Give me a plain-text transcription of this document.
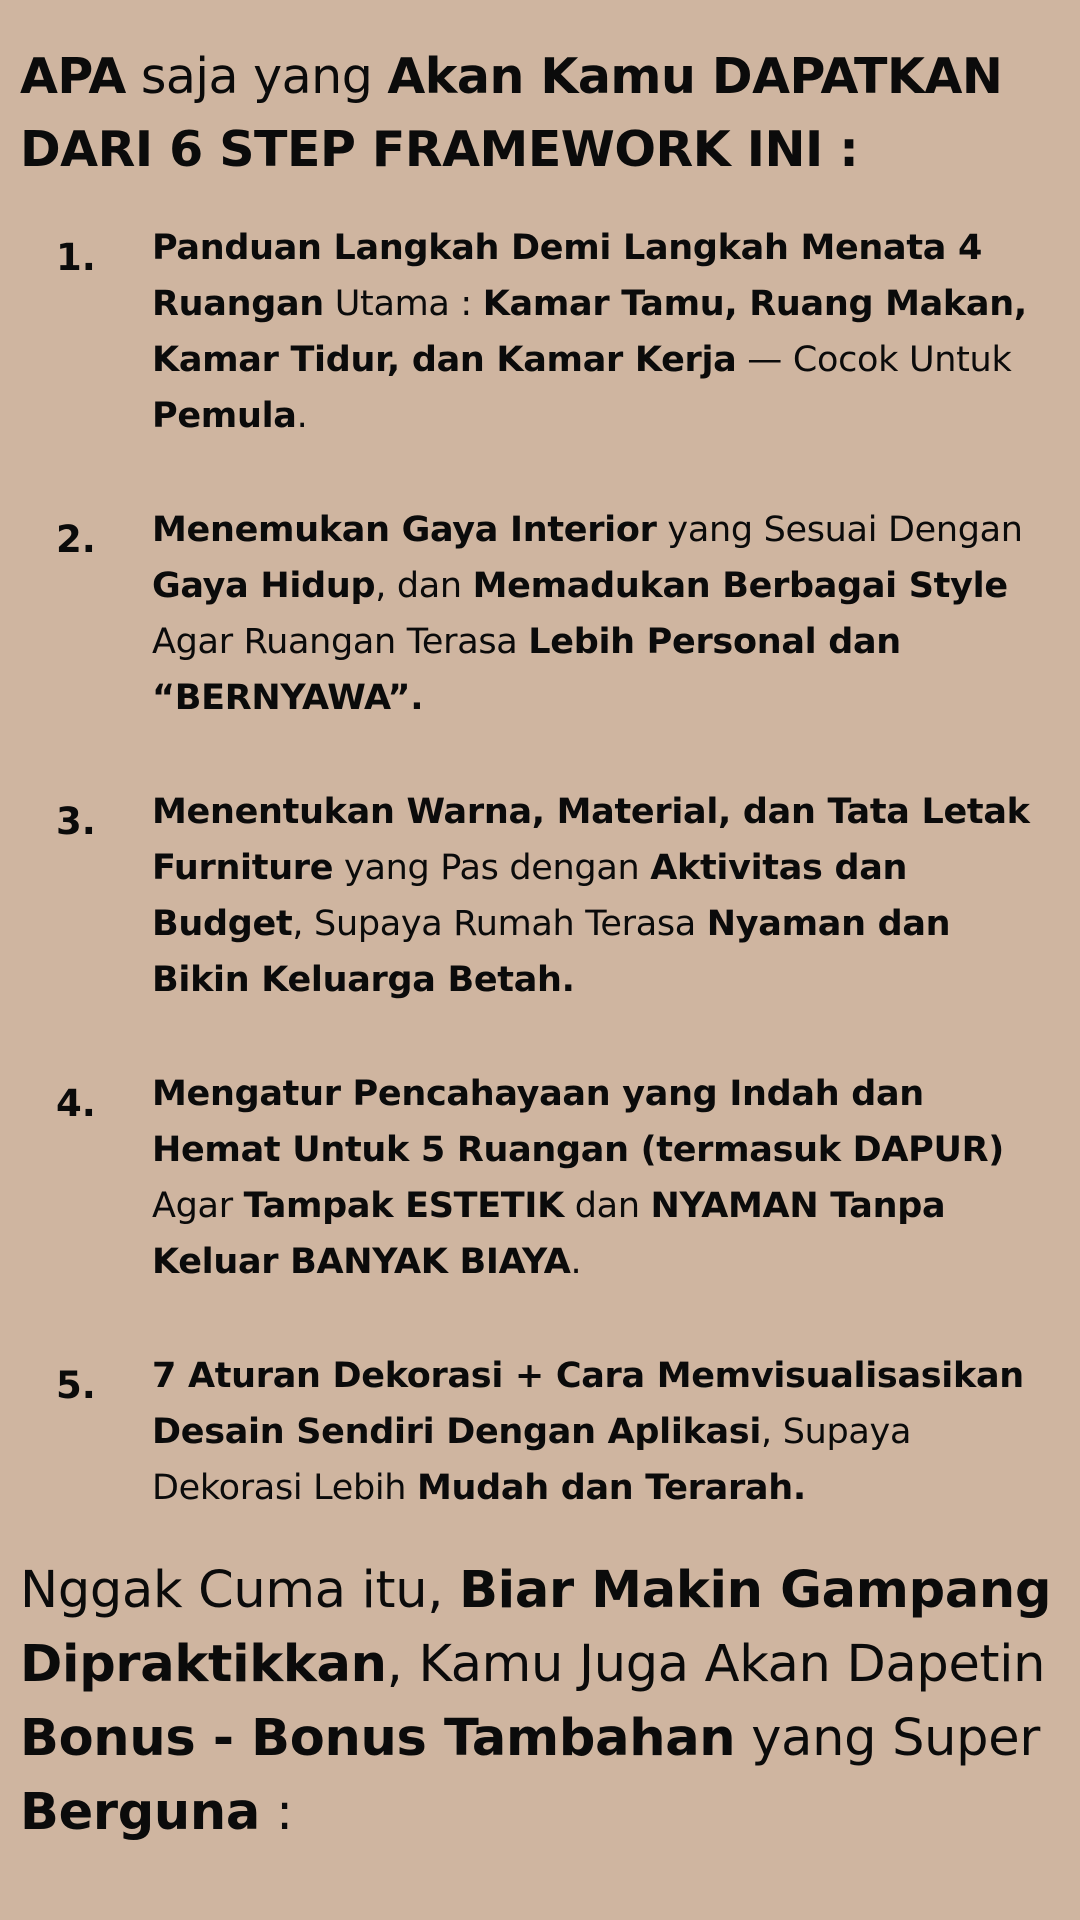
APA saja yang Akan Kamu DAPATKAN DARI 6 STEP FRAMEWORK INI :
1.	Panduan Langkah Demi Langkah Menata 4 Ruangan Utama : Kamar Tamu, Ruang Makan, Kamar Tidur, dan Kamar Kerja — Cocok Untuk Pemula.
2.	Menemukan Gaya Interior yang Sesuai Dengan Gaya Hidup, dan Memadukan Berbagai Style Agar Ruangan Terasa Lebih Personal dan “BERNYAWA”.
3.	Menentukan Warna, Material, dan Tata Letak Furniture yang Pas dengan Aktivitas dan Budget, Supaya Rumah Terasa Nyaman dan Bikin Keluarga Betah.
4.	Mengatur Pencahayaan yang Indah dan Hemat Untuk 5 Ruangan (termasuk DAPUR) Agar Tampak ESTETIK dan NYAMAN Tanpa Keluar BANYAK BIAYA.
5.	7 Aturan Dekorasi + Cara Memvisualisasikan Desain Sendiri Dengan Aplikasi, Supaya Dekorasi Lebih Mudah dan Terarah.

Nggak Cuma itu, Biar Makin Gampang Dipraktikkan, Kamu Juga Akan Dapetin Bonus - Bonus Tambahan yang Super Berguna :
